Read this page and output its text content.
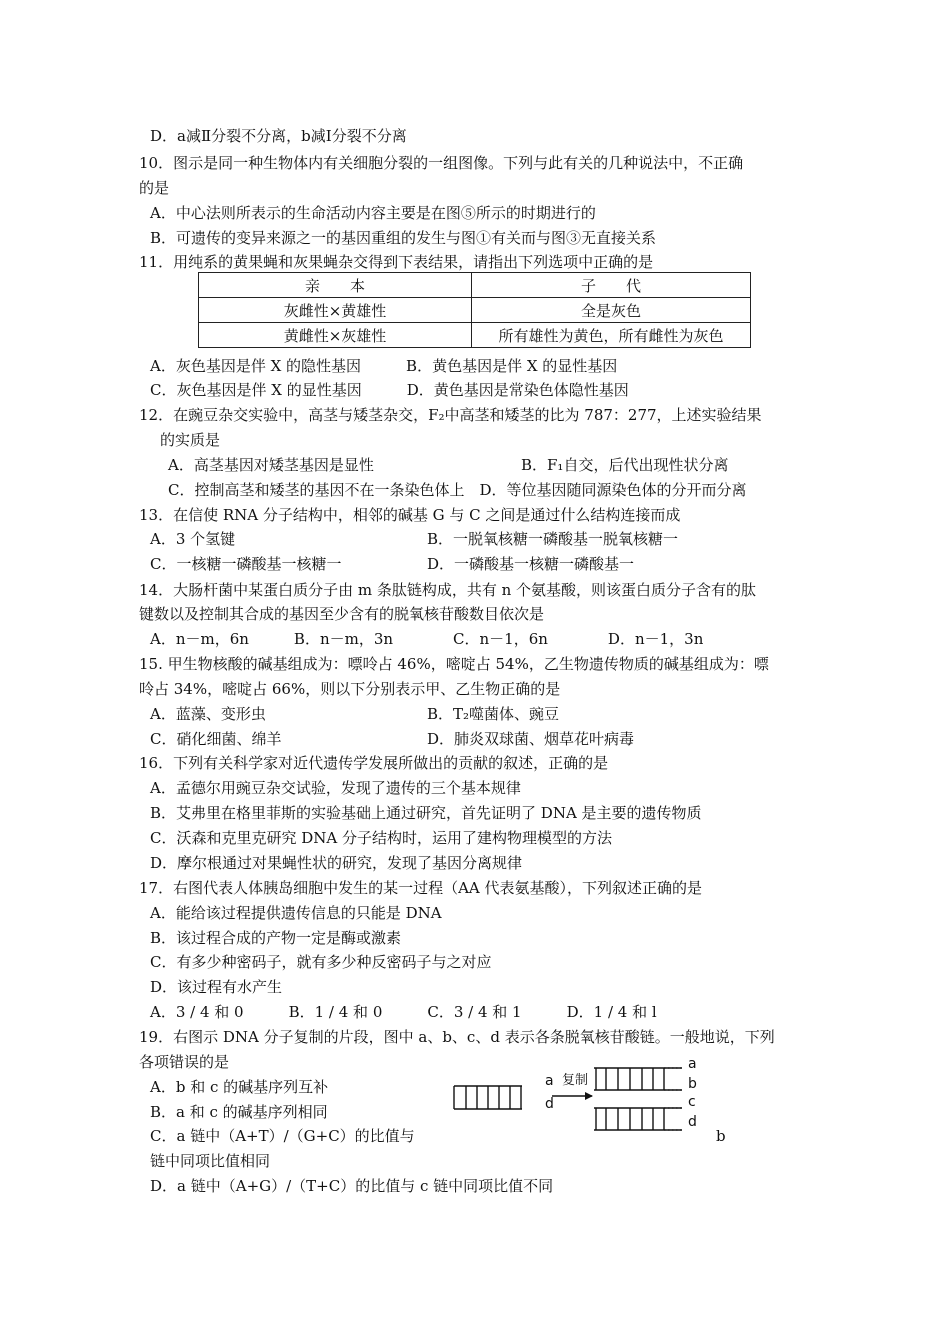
D．a减Ⅱ分裂不分离，b减Ⅰ分裂不分离
10．图示是同一种生物体内有关细胞分裂的一组图像。下列与此有关的几种说法中，不正确
的是
A．中心法则所表示的生命活动内容主要是在图⑤所示的时期进行的
B．可遗传的变异来源之一的基因重组的发生与图①有关而与图③无直接关系
11．用纯系的黄果蝇和灰果蝇杂交得到下表结果，请指出下列选项中正确的是
亲　　本	子　　代
灰雌性×黄雄性	全是灰色
黄雌性×灰雄性	所有雄性为黄色，所有雌性为灰色
A．灰色基因是伴 X 的隐性基因　　　B．黄色基因是伴 X 的显性基因
C．灰色基因是伴 X 的显性基因　　　D．黄色基因是常染色体隐性基因
12．在豌豆杂交实验中，高茎与矮茎杂交，F₂中高茎和矮茎的比为 787：277，上述实验结果
的实质是
A．高茎基因对矮茎基因是显性	B．F₁自交，后代出现性状分离
C．控制高茎和矮茎的基因不在一条染色体上　D．等位基因随同源染色体的分开而分离
13．在信使 RNA 分子结构中，相邻的碱基 G 与 C 之间是通过什么结构连接而成
A．3 个氢键	B．一脱氧核糖一磷酸基一脱氧核糖一
C．一核糖一磷酸基一核糖一	D．一磷酸基一核糖一磷酸基一
14．大肠杆菌中某蛋白质分子由 m 条肽链构成，共有 n 个氨基酸，则该蛋白质分子含有的肽
键数以及控制其合成的基因至少含有的脱氧核苷酸数目依次是
A．n－m，6n　　　B．n－m，3n　　　　C．n－1，6n　　　　D．n－1，3n
15. 甲生物核酸的碱基组成为：嘌呤占 46%，嘧啶占 54%，乙生物遗传物质的碱基组成为：嘌
呤占 34%，嘧啶占 66%，则以下分别表示甲、乙生物正确的是
A．蓝藻、变形虫	B．T₂噬菌体、豌豆
C．硝化细菌、绵羊	D．肺炎双球菌、烟草花叶病毒
16．下列有关科学家对近代遗传学发展所做出的贡献的叙述，正确的是
A．孟德尔用豌豆杂交试验，发现了遗传的三个基本规律
B．艾弗里在格里菲斯的实验基础上通过研究，首先证明了 DNA 是主要的遗传物质
C．沃森和克里克研究 DNA 分子结构时，运用了建构物理模型的方法
D．摩尔根通过对果蝇性状的研究，发现了基因分离规律
17．右图代表人体胰岛细胞中发生的某一过程（AA 代表氨基酸），下列叙述正确的是
A．能给该过程提供遗传信息的只能是 DNA
B．该过程合成的产物一定是酶或激素
C．有多少种密码子，就有多少种反密码子与之对应
D．该过程有水产生
A．3 / 4 和 0　　　B．1 / 4 和 0　　　C．3 / 4 和 1　　　D．1 / 4 和 l
19．右图示 DNA 分子复制的片段，图中 a、b、c、d 表示各条脱氧核苷酸链。一般地说，下列
各项错误的是
A．b 和 c 的碱基序列互补
B．a 和 c 的碱基序列相同
C．a 链中（A+T）/（G+C）的比值与	b
链中同项比值相同
D．a 链中（A+G）/（T+C）的比值与 c 链中同项比值不同
a 复制
d
a
b
c
d
